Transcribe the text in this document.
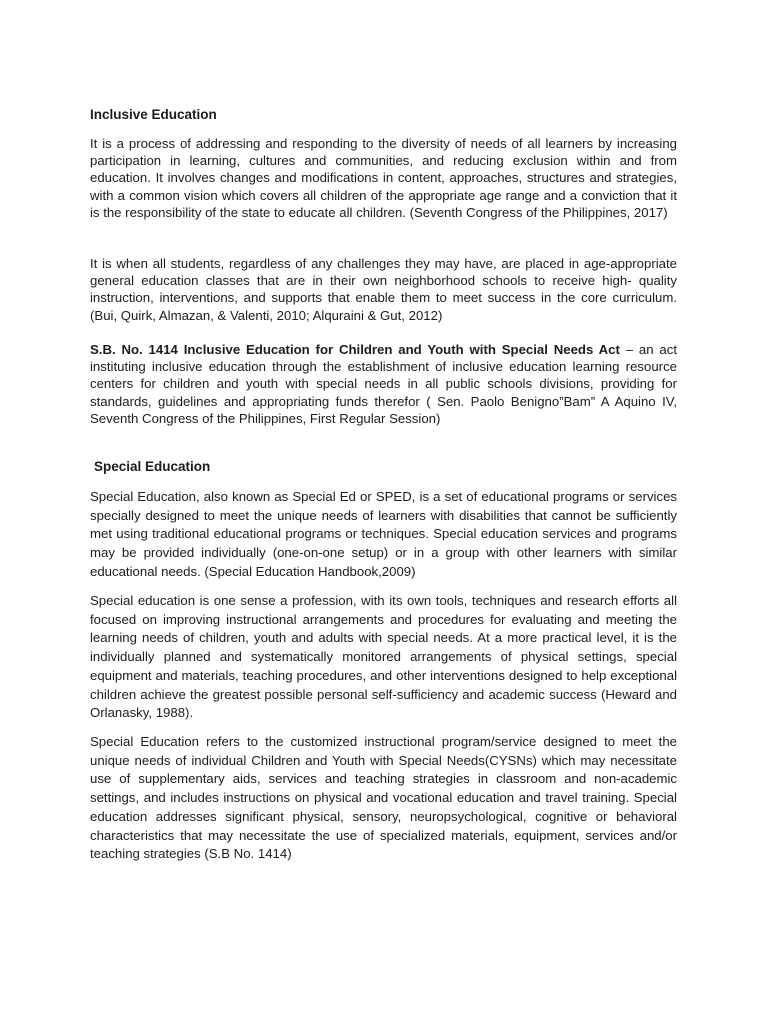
Inclusive Education

It is a process of addressing and responding to the diversity of needs of all learners by increasing participation in learning, cultures and communities, and reducing exclusion within and from education. It involves changes and modifications in content, approaches, structures and strategies, with a common vision which covers all children of the appropriate age range and a conviction that it is the responsibility of the state to educate all children. (Seventh Congress of the Philippines, 2017)

It is when all students, regardless of any challenges they may have, are placed in age-appropriate general education classes that are in their own neighborhood schools to receive high- quality instruction, interventions, and supports that enable them to meet success in the core curriculum. (Bui, Quirk, Almazan, & Valenti, 2010; Alquraini & Gut, 2012)

S.B. No. 1414 Inclusive Education for Children and Youth with Special Needs Act – an act instituting inclusive education through the establishment of inclusive education learning resource centers for children and youth with special needs in all public schools divisions, providing for standards, guidelines and appropriating funds therefor ( Sen. Paolo Benigno”Bam” A Aquino IV, Seventh Congress of the Philippines, First Regular Session)

Special Education

Special Education, also known as Special Ed or SPED, is a set of educational programs or services specially designed to meet the unique needs of learners with disabilities that cannot be sufficiently met using traditional educational programs or techniques. Special education services and programs may be provided individually (one-on-one setup) or in a group with other learners with similar educational needs. (Special Education Handbook,2009)

Special education is one sense a profession, with its own tools, techniques and research efforts all focused on improving instructional arrangements and procedures for evaluating and meeting the learning needs of children, youth and adults with special needs. At a more practical level, it is the individually planned and systematically monitored arrangements of physical settings, special equipment and materials, teaching procedures, and other interventions designed to help exceptional children achieve the greatest possible personal self-sufficiency and academic success (Heward and Orlanasky, 1988).

Special Education refers to the customized instructional program/service designed to meet the unique needs of individual Children and Youth with Special Needs(CYSNs) which may necessitate use of supplementary aids, services and teaching strategies in classroom and non-academic settings, and includes instructions on physical and vocational education and travel training. Special education addresses significant physical, sensory, neuropsychological, cognitive or behavioral characteristics that may necessitate the use of specialized materials, equipment, services and/or teaching strategies (S.B No. 1414)
